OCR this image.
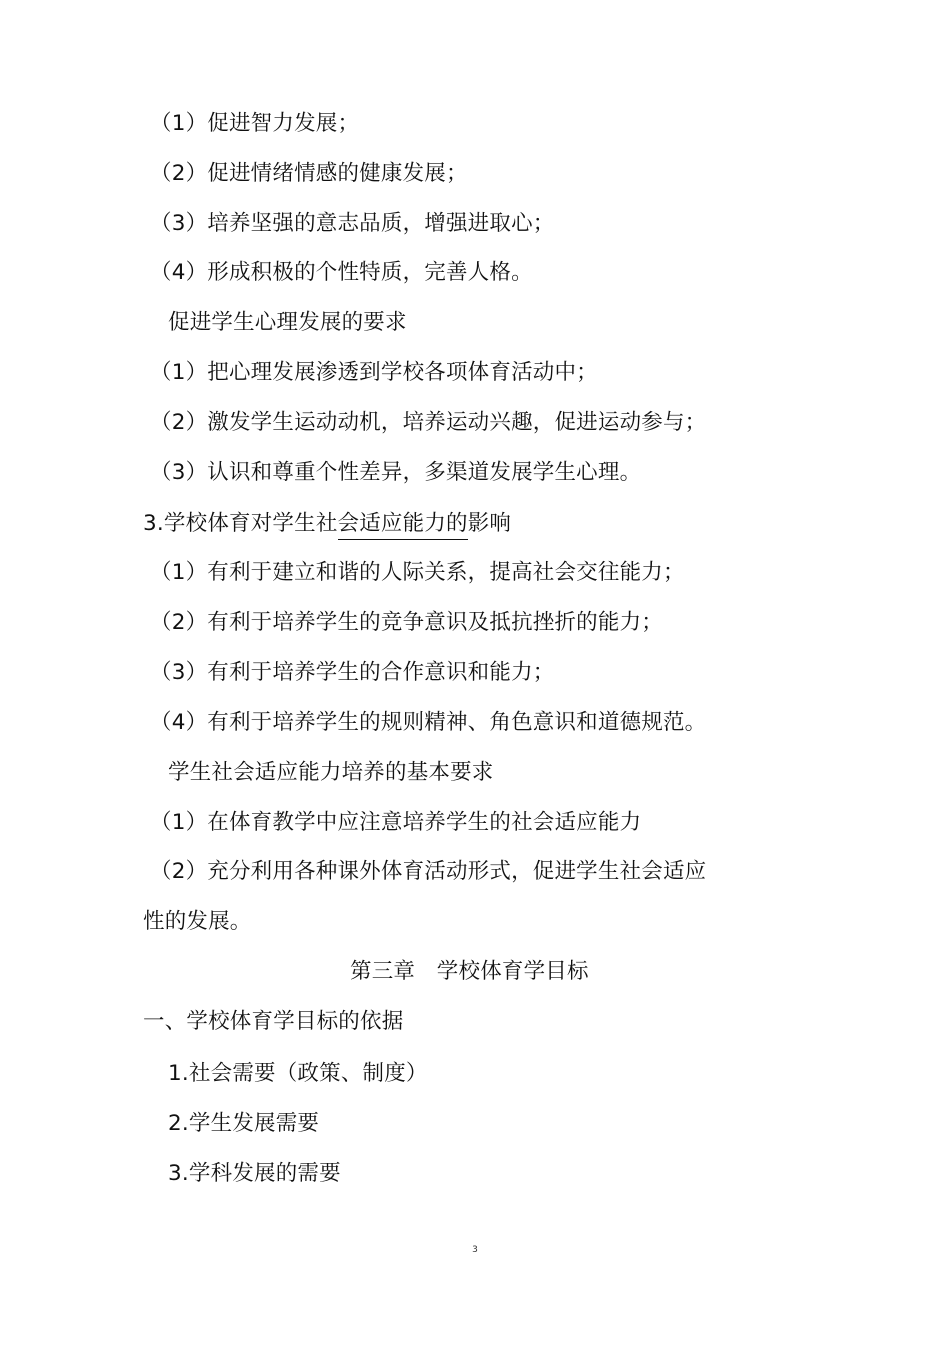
（1）促进智力发展；
（2）促进情绪情感的健康发展；
（3）培养坚强的意志品质，增强进取心；
（4）形成积极的个性特质，完善人格。
促进学生心理发展的要求
（1）把心理发展渗透到学校各项体育活动中；
（2）激发学生运动动机，培养运动兴趣，促进运动参与；
（3）认识和尊重个性差异，多渠道发展学生心理。
3.学校体育对学生社会适应能力的影响
（1）有利于建立和谐的人际关系，提高社会交往能力；
（2）有利于培养学生的竞争意识及抵抗挫折的能力；
（3）有利于培养学生的合作意识和能力；
（4）有利于培养学生的规则精神、角色意识和道德规范。
学生社会适应能力培养的基本要求
（1）在体育教学中应注意培养学生的社会适应能力
（2）充分利用各种课外体育活动形式，促进学生社会适应
性的发展。
第三章　学校体育学目标
一、学校体育学目标的依据
1.社会需要（政策、制度）
2.学生发展需要
3.学科发展的需要
3
